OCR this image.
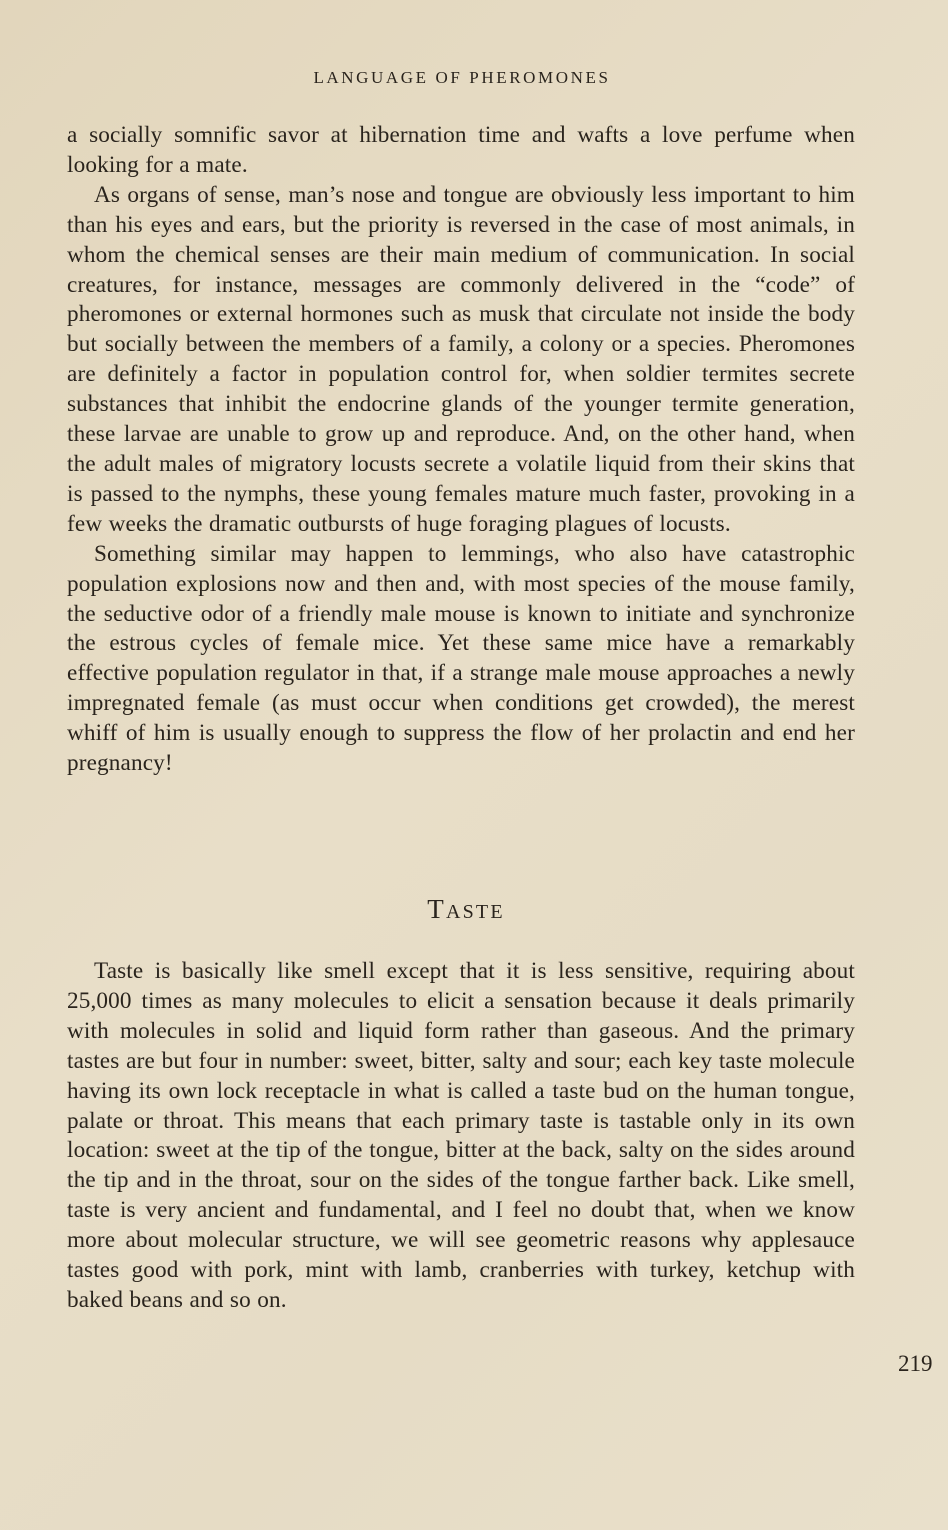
LANGUAGE OF PHEROMONES

a socially somnific savor at hibernation time and wafts a love perfume when looking for a mate.

As organs of sense, man’s nose and tongue are obviously less important to him than his eyes and ears, but the priority is reversed in the case of most animals, in whom the chemical senses are their main medium of communication. In social creatures, for instance, messages are commonly delivered in the “code” of pheromones or external hormones such as musk that circulate not inside the body but socially between the members of a family, a colony or a species. Pheromones are definitely a factor in population control for, when soldier termites secrete substances that inhibit the endocrine glands of the younger termite generation, these larvae are unable to grow up and reproduce. And, on the other hand, when the adult males of migratory locusts secrete a volatile liquid from their skins that is passed to the nymphs, these young females mature much faster, provoking in a few weeks the dramatic outbursts of huge foraging plagues of locusts.

Something similar may happen to lemmings, who also have catastrophic population explosions now and then and, with most species of the mouse family, the seductive odor of a friendly male mouse is known to initiate and synchronize the estrous cycles of female mice. Yet these same mice have a remarkably effective population regulator in that, if a strange male mouse approaches a newly impregnated female (as must occur when conditions get crowded), the merest whiff of him is usually enough to suppress the flow of her prolactin and end her pregnancy!

TASTE

Taste is basically like smell except that it is less sensitive, requiring about 25,000 times as many molecules to elicit a sensation because it deals primarily with molecules in solid and liquid form rather than gaseous. And the primary tastes are but four in number: sweet, bitter, salty and sour; each key taste molecule having its own lock receptacle in what is called a taste bud on the human tongue, palate or throat. This means that each primary taste is tastable only in its own location: sweet at the tip of the tongue, bitter at the back, salty on the sides around the tip and in the throat, sour on the sides of the tongue farther back. Like smell, taste is very ancient and fundamental, and I feel no doubt that, when we know more about molecular structure, we will see geometric reasons why applesauce tastes good with pork, mint with lamb, cranberries with turkey, ketchup with baked beans and so on.

219
